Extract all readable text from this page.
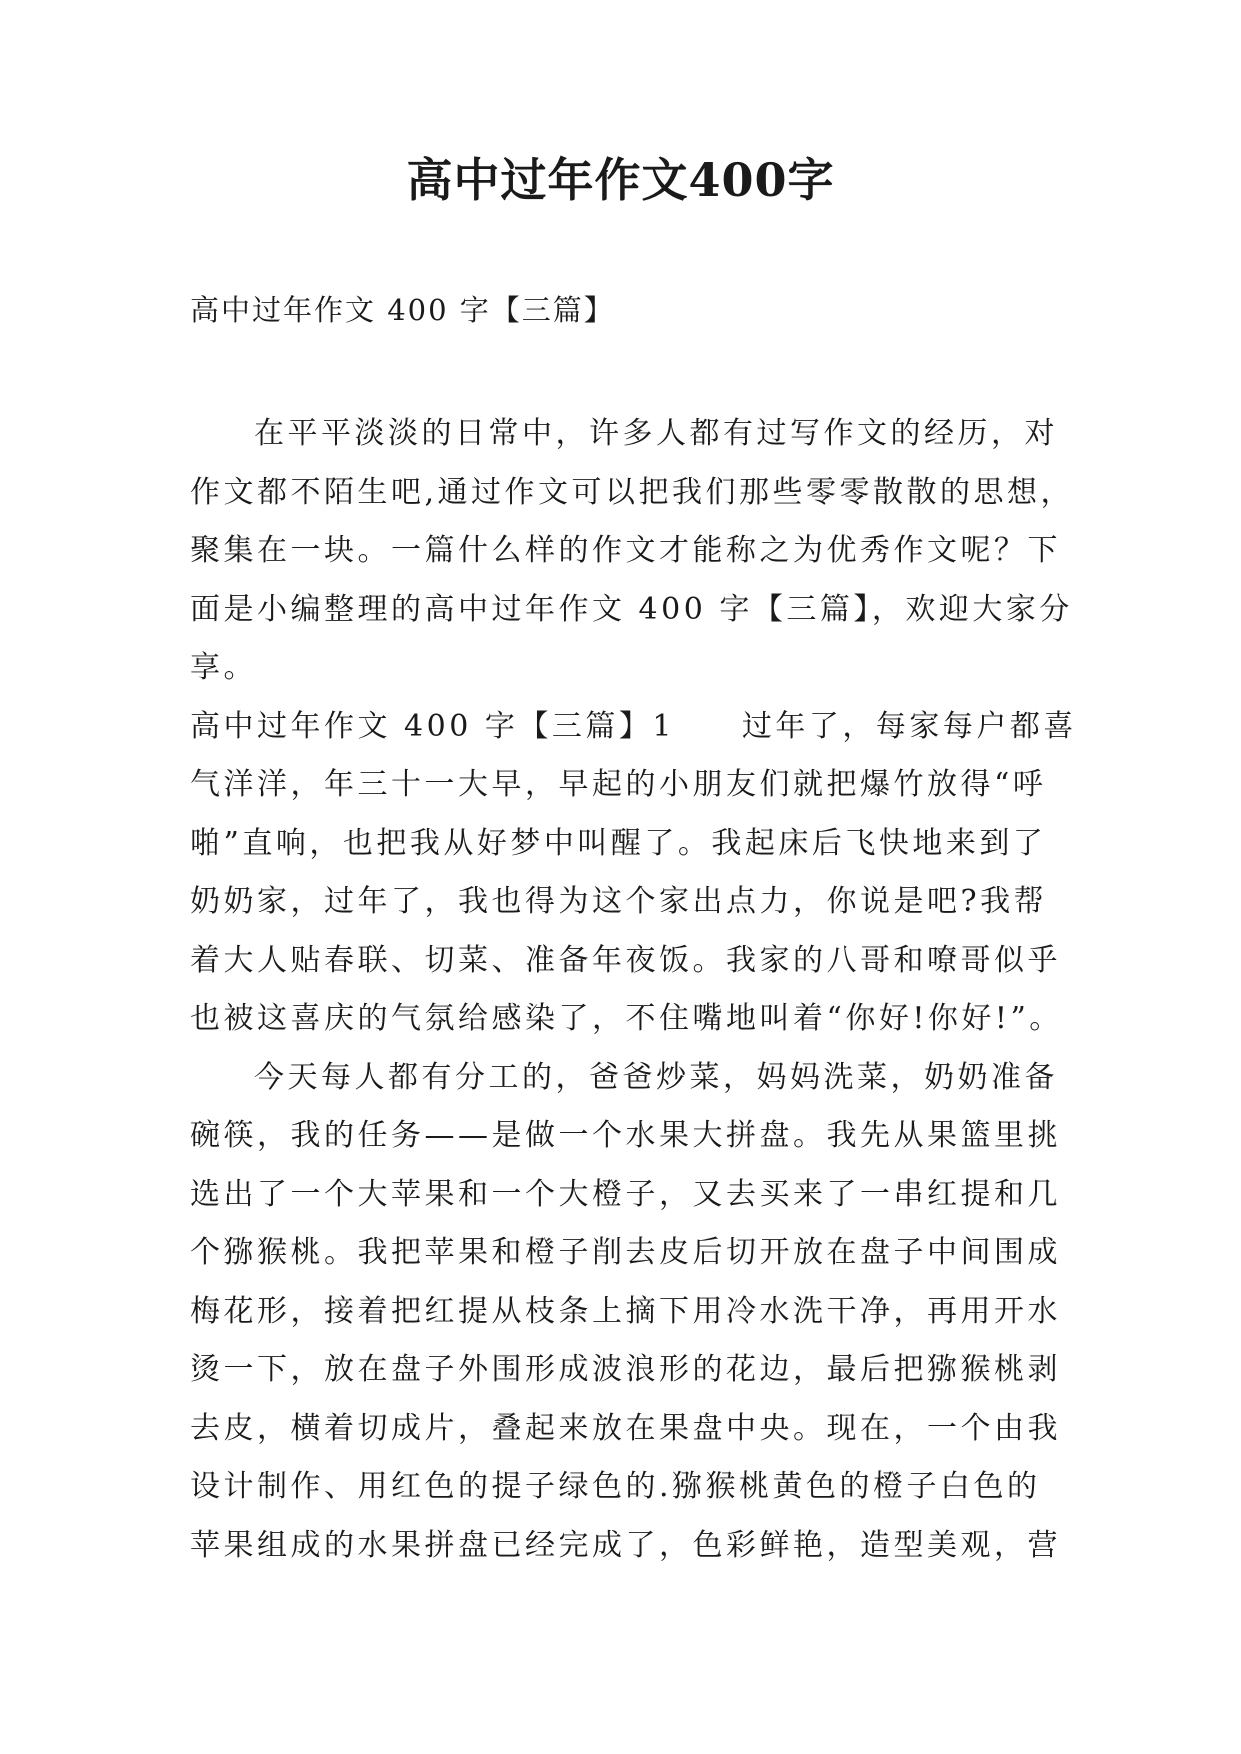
高中过年作文400字
高中过年作文 400 字【三篇】
在平平淡淡的日常中，许多人都有过写作文的经历，对
作文都不陌生吧,通过作文可以把我们那些零零散散的思想，
聚集在一块。一篇什么样的作文才能称之为优秀作文呢？下
面是小编整理的高中过年作文 400 字【三篇】，欢迎大家分
享。
高中过年作文 400 字【三篇】1　　过年了，每家每户都喜
气洋洋，年三十一大早，早起的小朋友们就把爆竹放得“呼
啪”直响，也把我从好梦中叫醒了。我起床后飞快地来到了
奶奶家，过年了，我也得为这个家出点力，你说是吧?我帮
着大人贴春联、切菜、准备年夜饭。我家的八哥和嘹哥似乎
也被这喜庆的气氛给感染了，不住嘴地叫着“你好!你好!”。
今天每人都有分工的，爸爸炒菜，妈妈洗菜，奶奶准备
碗筷，我的任务——是做一个水果大拼盘。我先从果篮里挑
选出了一个大苹果和一个大橙子，又去买来了一串红提和几
个猕猴桃。我把苹果和橙子削去皮后切开放在盘子中间围成
梅花形，接着把红提从枝条上摘下用冷水洗干净，再用开水
烫一下，放在盘子外围形成波浪形的花边，最后把猕猴桃剥
去皮，横着切成片，叠起来放在果盘中央。现在，一个由我
设计制作、用红色的提子绿色的.猕猴桃黄色的橙子白色的
苹果组成的水果拼盘已经完成了，色彩鲜艳，造型美观，营
